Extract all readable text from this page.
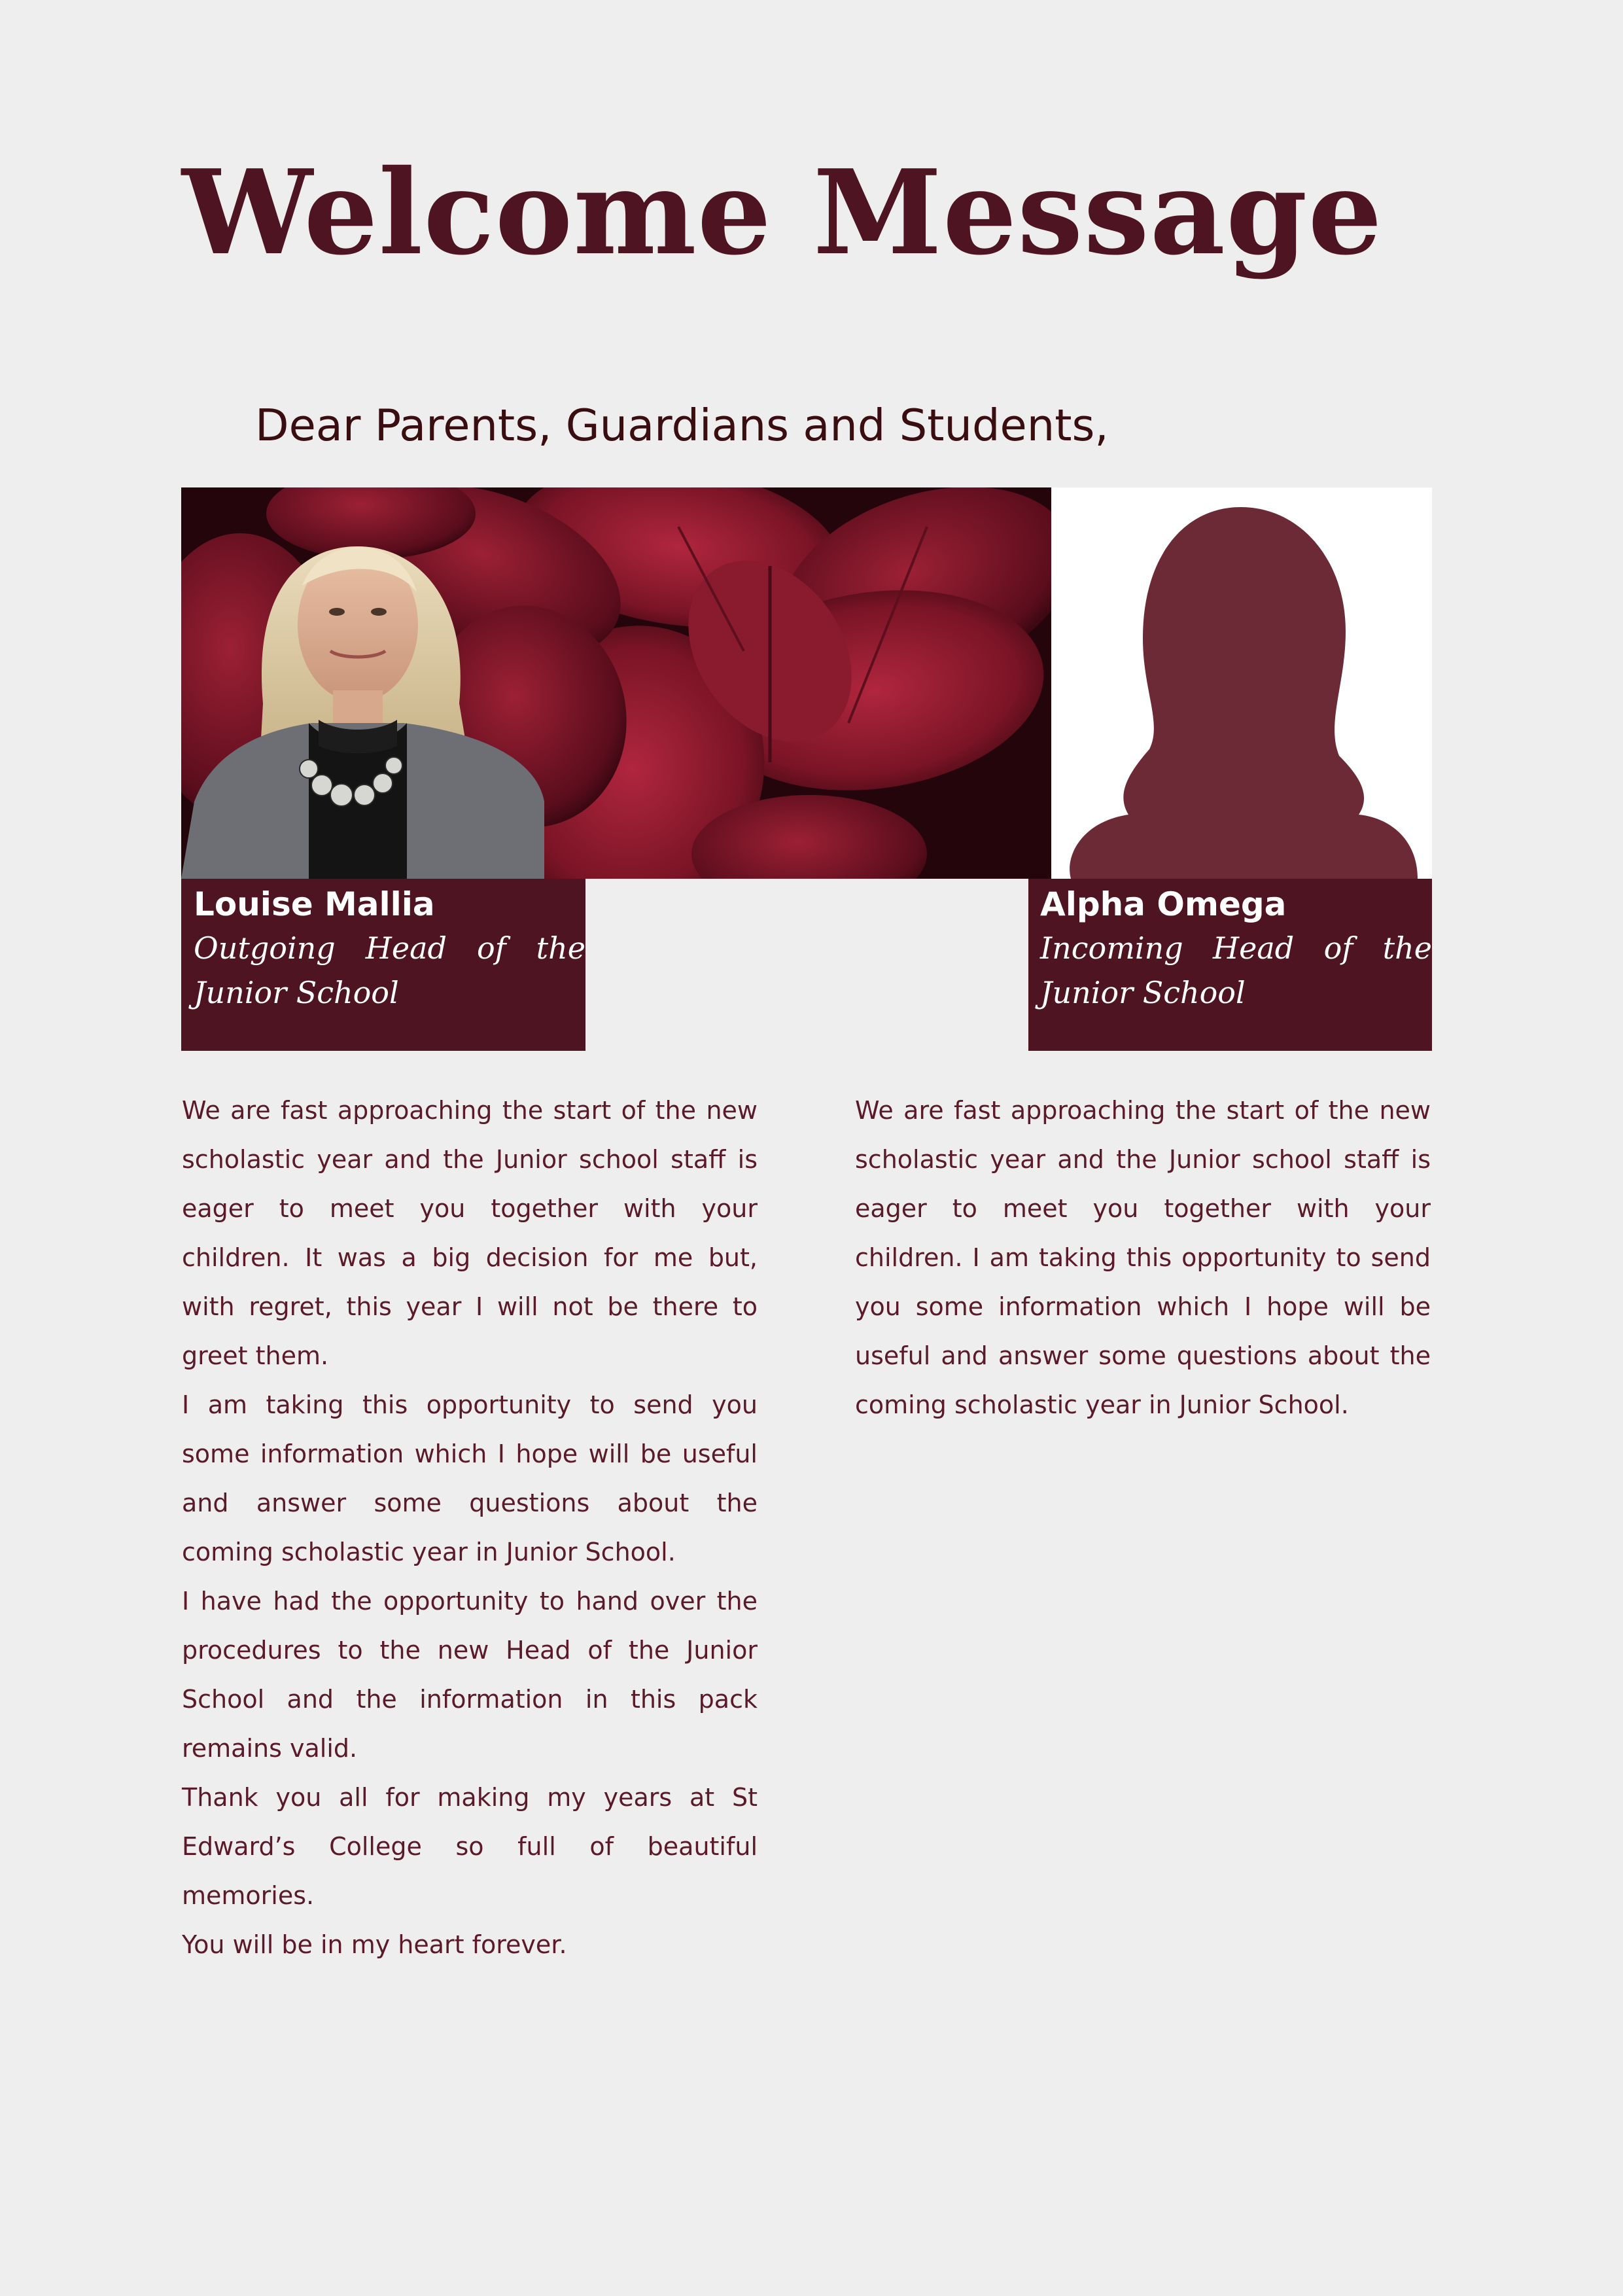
Welcome Message
Dear Parents, Guardians and Students,
Louise Mallia
Outgoing Head of the Junior School
Alpha Omega
Incoming Head of the Junior School

We are fast approaching the start of the new scholastic year and the Junior school staff is eager to meet you together with your children. It was a big decision for me but, with regret, this year I will not be there to greet them.

I am taking this opportunity to send you some information which I hope will be useful and answer some questions about the coming scholastic year in Junior School.

I have had the opportunity to hand over the procedures to the new Head of the Junior School and the information in this pack remains valid.

Thank you all for making my years at St Edward’s College so full of beautiful memories.

You will be in my heart forever.

We are fast approaching the start of the new scholastic year and the Junior school staff is eager to meet you together with your children. I am taking this opportunity to send you some information which I hope will be useful and answer some questions about the coming scholastic year in Junior School.
